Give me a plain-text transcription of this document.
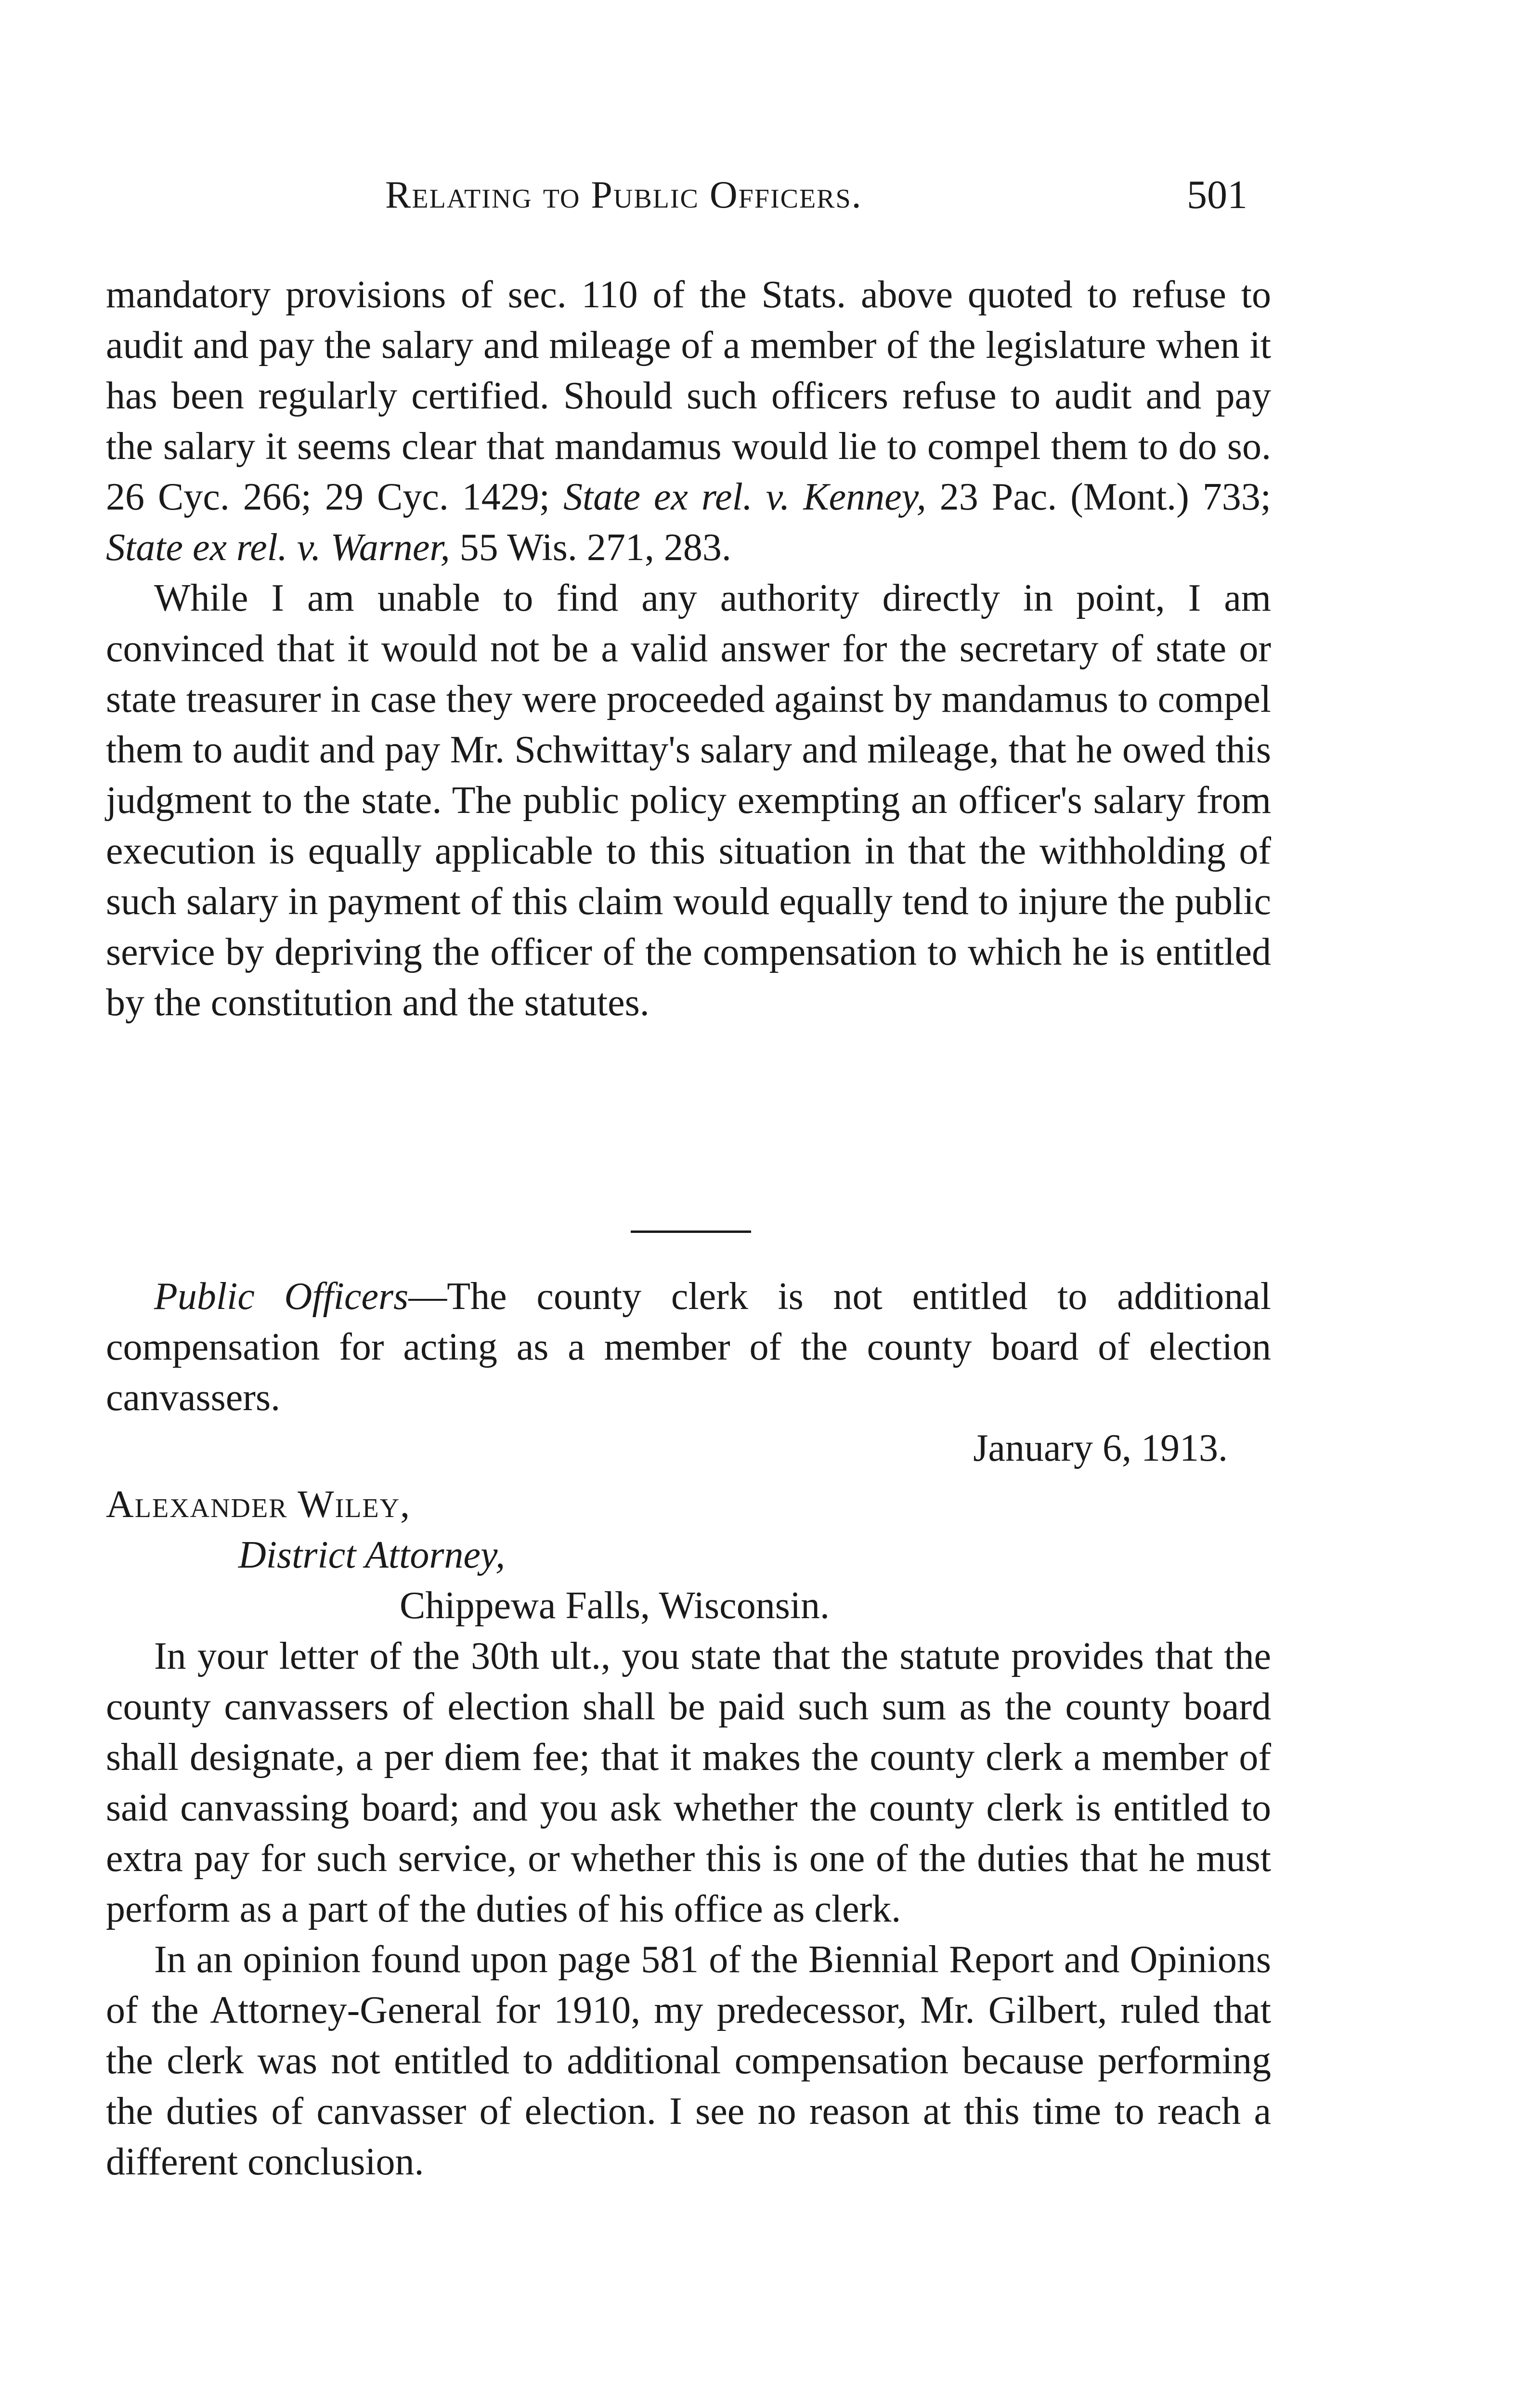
Relating to Public Officers.	501

mandatory provisions of sec. 110 of the Stats. above quoted to refuse to audit and pay the salary and mileage of a member of the legislature when it has been regularly certified. Should such officers refuse to audit and pay the salary it seems clear that mandamus would lie to compel them to do so. 26 Cyc. 266; 29 Cyc. 1429; State ex rel. v. Kenney, 23 Pac. (Mont.) 733; State ex rel. v. Warner, 55 Wis. 271, 283.

While I am unable to find any authority directly in point, I am convinced that it would not be a valid answer for the secretary of state or state treasurer in case they were proceeded against by mandamus to compel them to audit and pay Mr. Schwittay's salary and mileage, that he owed this judgment to the state. The public policy exempting an officer's salary from execution is equally applicable to this situation in that the withholding of such salary in payment of this claim would equally tend to injure the public service by depriving the officer of the compensation to which he is entitled by the constitution and the statutes.

Public Officers—The county clerk is not entitled to additional compensation for acting as a member of the county board of election canvassers.

January 6, 1913.
Alexander Wiley,
District Attorney,
Chippewa Falls, Wisconsin.

In your letter of the 30th ult., you state that the statute provides that the county canvassers of election shall be paid such sum as the county board shall designate, a per diem fee; that it makes the county clerk a member of said canvassing board; and you ask whether the county clerk is entitled to extra pay for such service, or whether this is one of the duties that he must perform as a part of the duties of his office as clerk.

In an opinion found upon page 581 of the Biennial Report and Opinions of the Attorney-General for 1910, my predecessor, Mr. Gilbert, ruled that the clerk was not entitled to additional compensation because performing the duties of canvasser of election. I see no reason at this time to reach a different conclusion.
